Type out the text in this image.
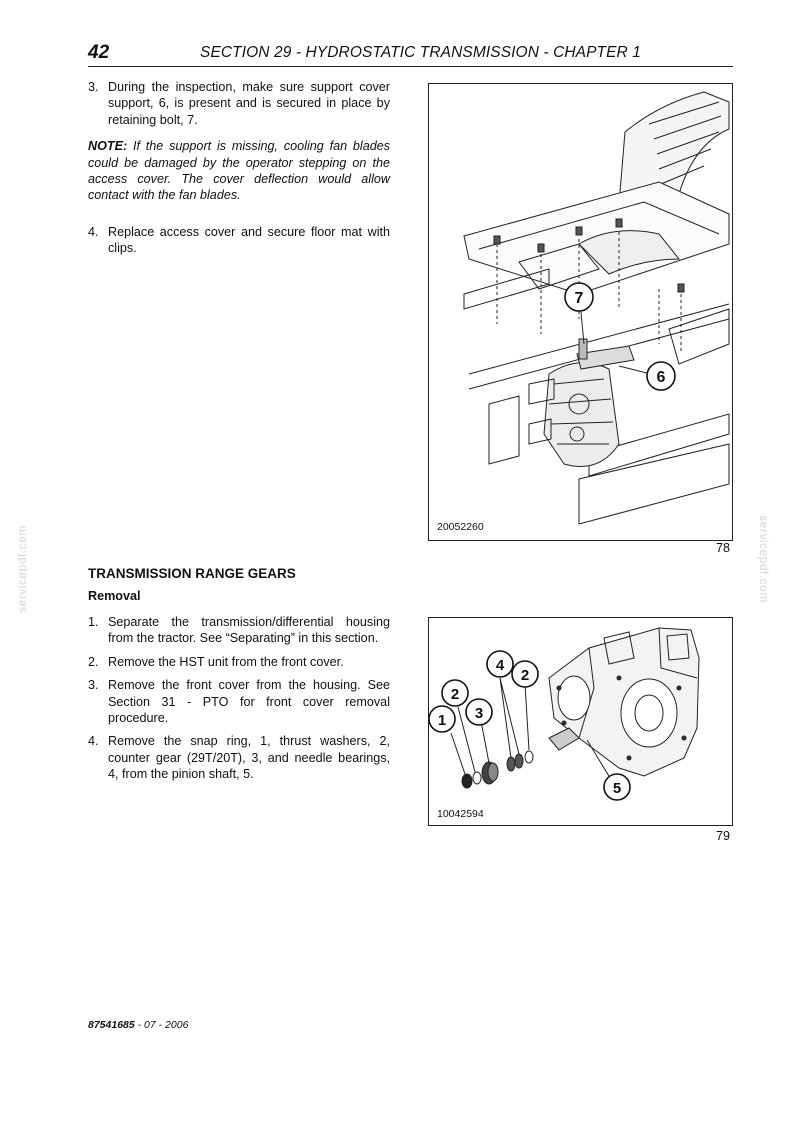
42	SECTION 29 - HYDROSTATIC TRANSMISSION - CHAPTER 1
servicepdf.com	servicepdf.com
3. During the inspection, make sure support cover support, 6, is present and is secured in place by retaining bolt, 7.
NOTE: If the support is missing, cooling fan blades could be damaged by the operator stepping on the access cover. The cover deflection would allow contact with the fan blades.
4. Replace access cover and secure floor mat with clips.
7
6
20052260
78
TRANSMISSION RANGE GEARS
Removal
1. Separate the transmission/differential housing from the tractor. See “Separating” in this section.
2. Remove the HST unit from the front cover.
3. Remove the front cover from the housing. See Section 31 - PTO for front cover removal procedure.
4. Remove the snap ring, 1, thrust washers, 2, counter gear (29T/20T), 3, and needle bearings, 4, from the pinion shaft, 5.
4
2
2
1 3
5
10042594
79
87541685 - 07 - 2006
